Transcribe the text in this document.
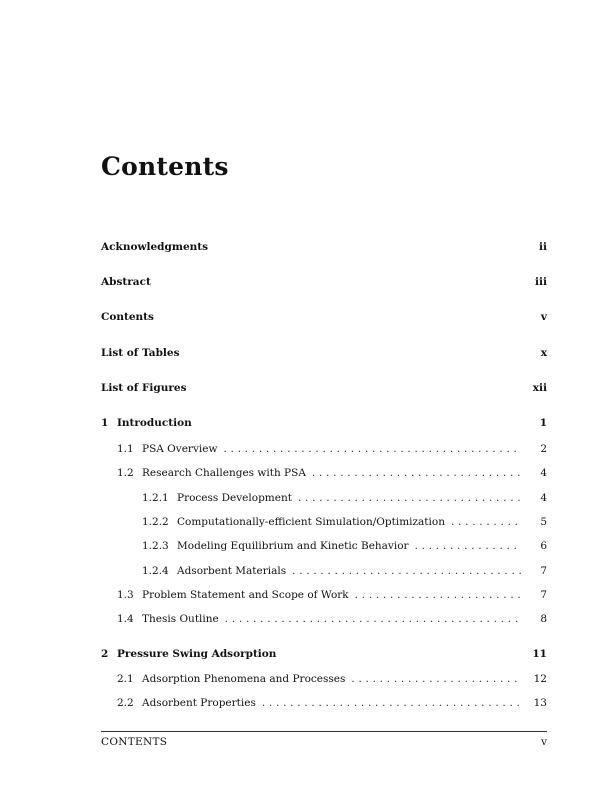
Contents
Acknowledgments	ii
Abstract	iii
Contents	v
List of Tables	x
List of Figures	xii
1 Introduction	1
1.1 PSA Overview . . .	2
1.2 Research Challenges with PSA . . .	4
1.2.1 Process Development . . .	4
1.2.2 Computationally-efficient Simulation/Optimization . . .	5
1.2.3 Modeling Equilibrium and Kinetic Behavior . . .	6
1.2.4 Adsorbent Materials . . .	7
1.3 Problem Statement and Scope of Work . . .	7
1.4 Thesis Outline . . .	8
2 Pressure Swing Adsorption	11
2.1 Adsorption Phenomena and Processes . . .	12
2.2 Adsorbent Properties . . .	13
CONTENTS	v
